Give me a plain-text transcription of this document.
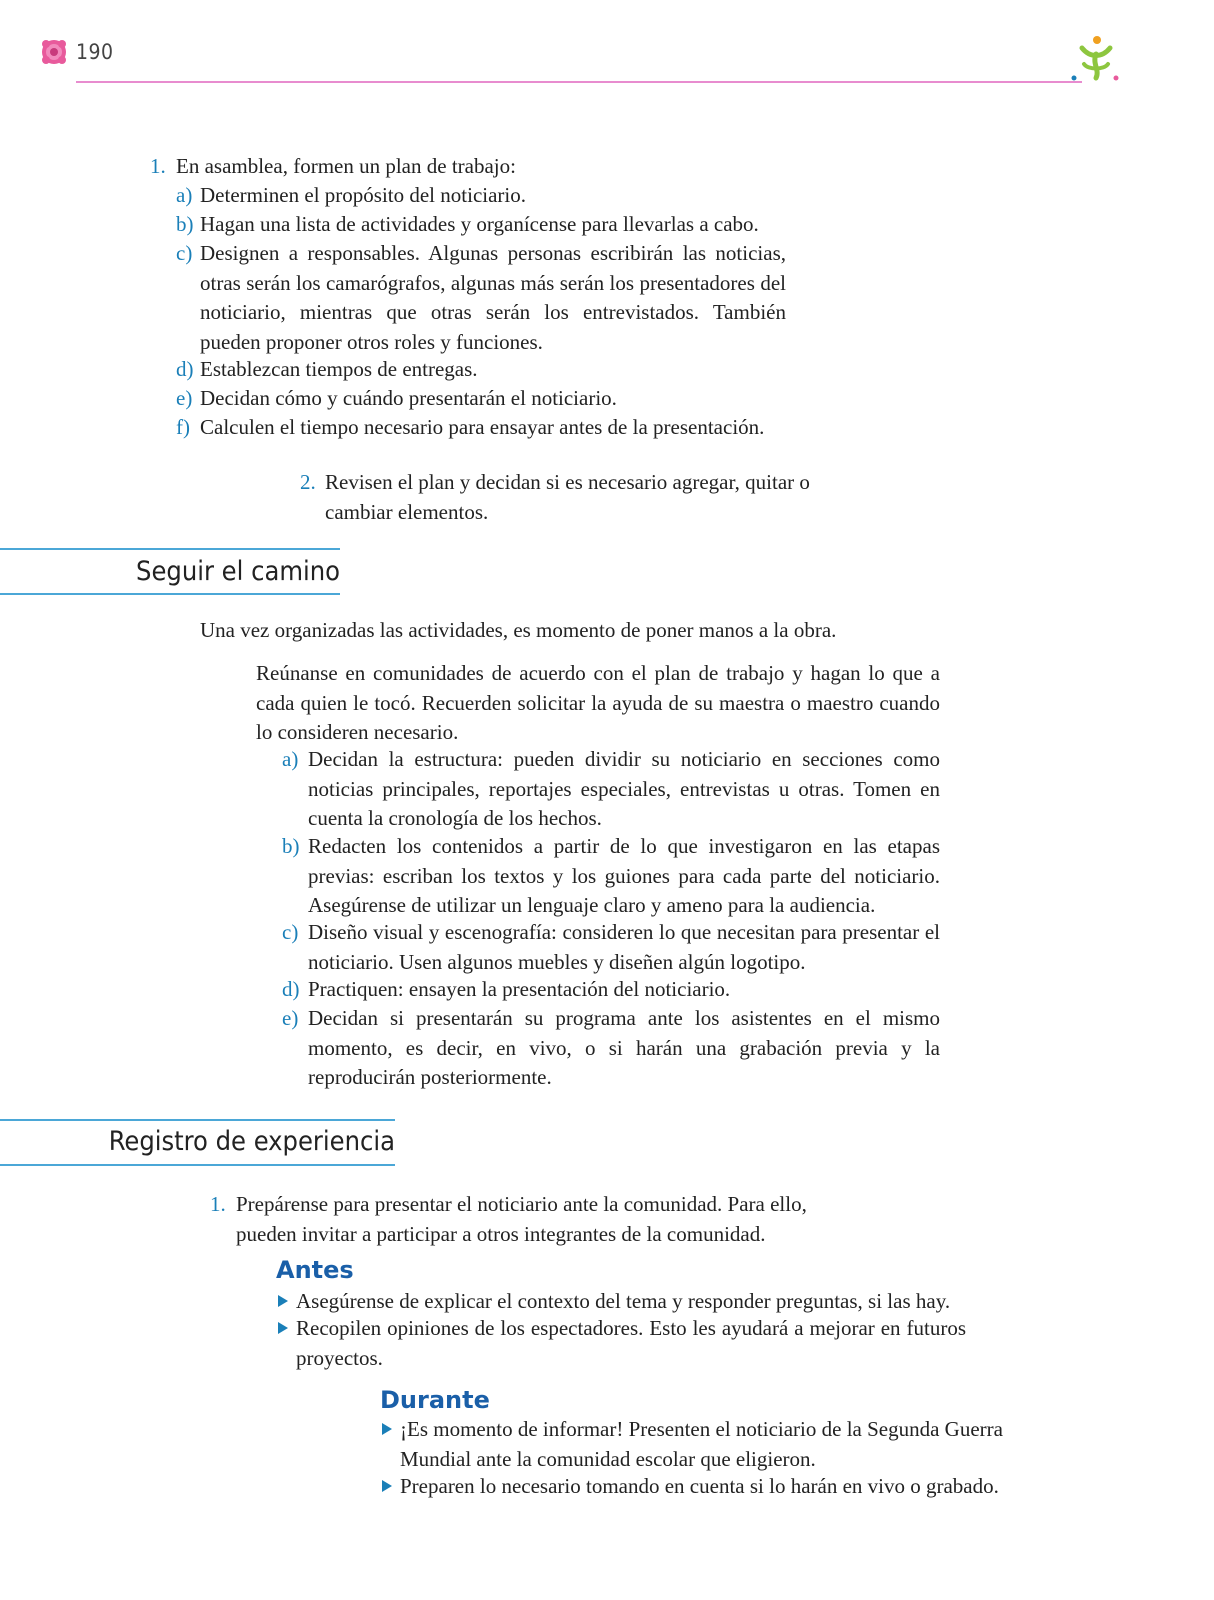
190
1. En asamblea, formen un plan de trabajo:
a) Determinen el propósito del noticiario.
b) Hagan una lista de actividades y organícense para llevarlas a cabo.
c) Designen a responsables. Algunas personas escribirán las noticias, otras serán los camarógrafos, algunas más serán los presentadores del noticiario, mientras que otras serán los entrevistados. También pueden proponer otros roles y funciones.
d) Establezcan tiempos de entregas.
e) Decidan cómo y cuándo presentarán el noticiario.
f) Calculen el tiempo necesario para ensayar antes de la presentación.
2. Revisen el plan y decidan si es necesario agregar, quitar o cambiar elementos.
Seguir el camino
Una vez organizadas las actividades, es momento de poner manos a la obra.
Reúnanse en comunidades de acuerdo con el plan de trabajo y hagan lo que a cada quien le tocó. Recuerden solicitar la ayuda de su maestra o maestro cuando lo consideren necesario.
a) Decidan la estructura: pueden dividir su noticiario en secciones como noticias principales, reportajes especiales, entrevistas u otras. Tomen en cuenta la cronología de los hechos.
b) Redacten los contenidos a partir de lo que investigaron en las etapas previas: escriban los textos y los guiones para cada parte del noticiario. Asegúrense de utilizar un lenguaje claro y ameno para la audiencia.
c) Diseño visual y escenografía: consideren lo que necesitan para presentar el noticiario. Usen algunos muebles y diseñen algún logotipo.
d) Practiquen: ensayen la presentación del noticiario.
e) Decidan si presentarán su programa ante los asistentes en el mismo momento, es decir, en vivo, o si harán una grabación previa y la reproducirán posteriormente.
Registro de experiencia
1. Prepárense para presentar el noticiario ante la comunidad. Para ello, pueden invitar a participar a otros integrantes de la comunidad.
Antes
Asegúrense de explicar el contexto del tema y responder preguntas, si las hay.
Recopilen opiniones de los espectadores. Esto les ayudará a mejorar en futuros proyectos.
Durante
¡Es momento de informar! Presenten el noticiario de la Segunda Guerra Mundial ante la comunidad escolar que eligieron.
Preparen lo necesario tomando en cuenta si lo harán en vivo o grabado.
